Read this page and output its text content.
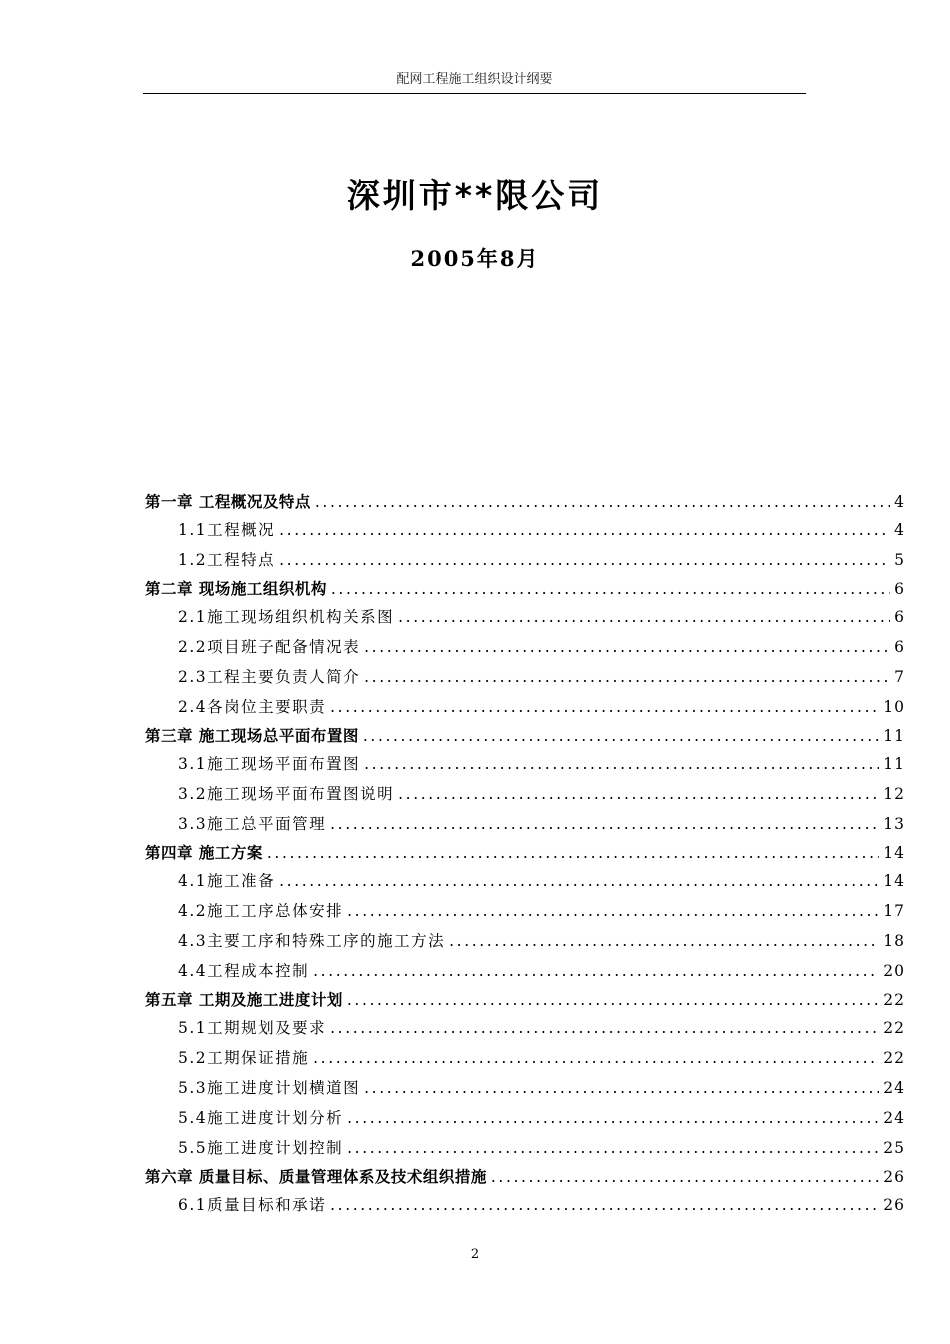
配网工程施工组织设计纲要
深圳市**限公司
2005年8月
第一章 工程概况及特点 .....	4
1.1工程概况 .....	4
1.2工程特点 .....	5
第二章 现场施工组织机构 .....	6
2.1施工现场组织机构关系图 .....	6
2.2项目班子配备情况表 .....	6
2.3工程主要负责人简介 .....	7
2.4各岗位主要职责 .....	10
第三章 施工现场总平面布置图 .....	11
3.1施工现场平面布置图 .....	11
3.2施工现场平面布置图说明 .....	12
3.3施工总平面管理 .....	13
第四章 施工方案 .....	14
4.1施工准备 .....	14
4.2施工工序总体安排 .....	17
4.3主要工序和特殊工序的施工方法 .....	18
4.4工程成本控制 .....	20
第五章 工期及施工进度计划 .....	22
5.1工期规划及要求 .....	22
5.2工期保证措施 .....	22
5.3施工进度计划横道图 .....	24
5.4施工进度计划分析 .....	24
5.5施工进度计划控制 .....	25
第六章 质量目标、质量管理体系及技术组织措施 .....	26
6.1质量目标和承诺 .....	26
2
